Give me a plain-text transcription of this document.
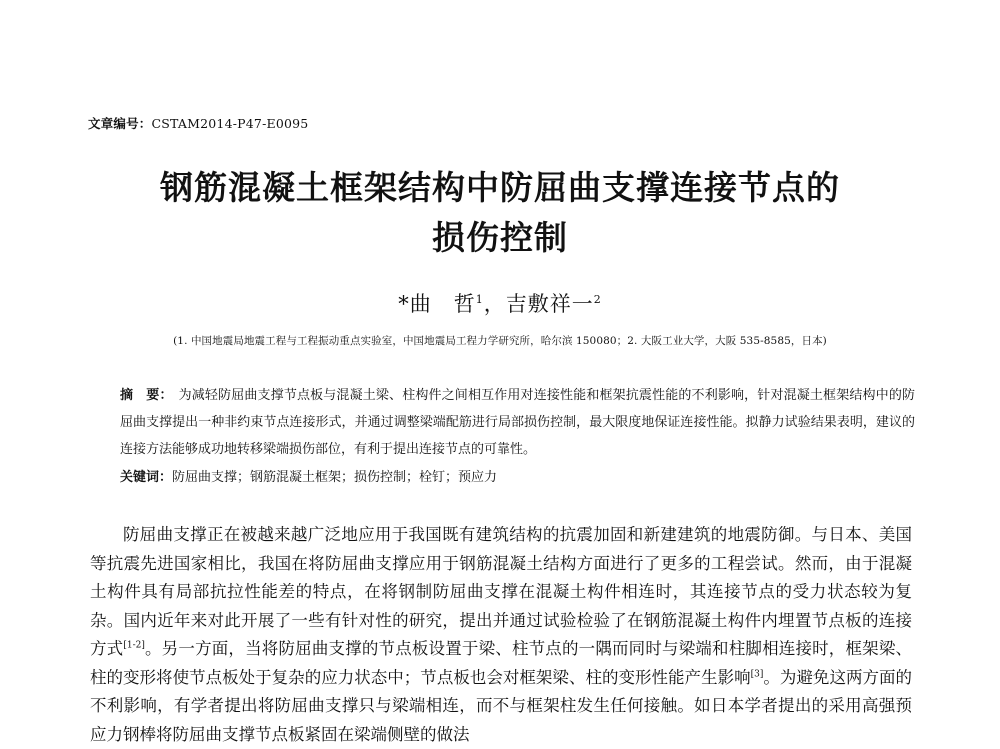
文章编号：CSTAM2014-P47-E0095
钢筋混凝土框架结构中防屈曲支撑连接节点的
损伤控制
*曲　哲$^1$，吉敷祥一$^2$
(1. 中国地震局地震工程与工程振动重点实验室，中国地震局工程力学研究所，哈尔滨 150080；2. 大阪工业大学，大阪 535-8585，日本)

摘　要： 为减轻防屈曲支撑节点板与混凝土梁、柱构件之间相互作用对连接性能和框架抗震性能的不利影响，针对混凝土框架结构中的防屈曲支撑提出一种非约束节点连接形式，并通过调整梁端配筋进行局部损伤控制，最大限度地保证连接性能。拟静力试验结果表明，建议的连接方法能够成功地转移梁端损伤部位，有利于提出连接节点的可靠性。

关键词：防屈曲支撑；钢筋混凝土框架；损伤控制；栓钉；预应力

防屈曲支撑正在被越来越广泛地应用于我国既有建筑结构的抗震加固和新建建筑的地震防御。与日本、美国等抗震先进国家相比，我国在将防屈曲支撑应用于钢筋混凝土结构方面进行了更多的工程尝试。然而，由于混凝土构件具有局部抗拉性能差的特点，在将钢制防屈曲支撑在混凝土构件相连时，其连接节点的受力状态较为复杂。国内近年来对此开展了一些有针对性的研究，提出并通过试验检验了在钢筋混凝土构件内埋置节点板的连接方式[1-2]。另一方面，当将防屈曲支撑的节点板设置于梁、柱节点的一隅而同时与梁端和柱脚相连接时，框架梁、柱的变形将使节点板处于复杂的应力状态中；节点板也会对框架梁、柱的变形性能产生影响[3]。为避免这两方面的不利影响，有学者提出将防屈曲支撑只与梁端相连，而不与框架柱发生任何接触。如日本学者提出的采用高强预应力钢棒将防屈曲支撑节点板紧固在梁端侧壁的做法
